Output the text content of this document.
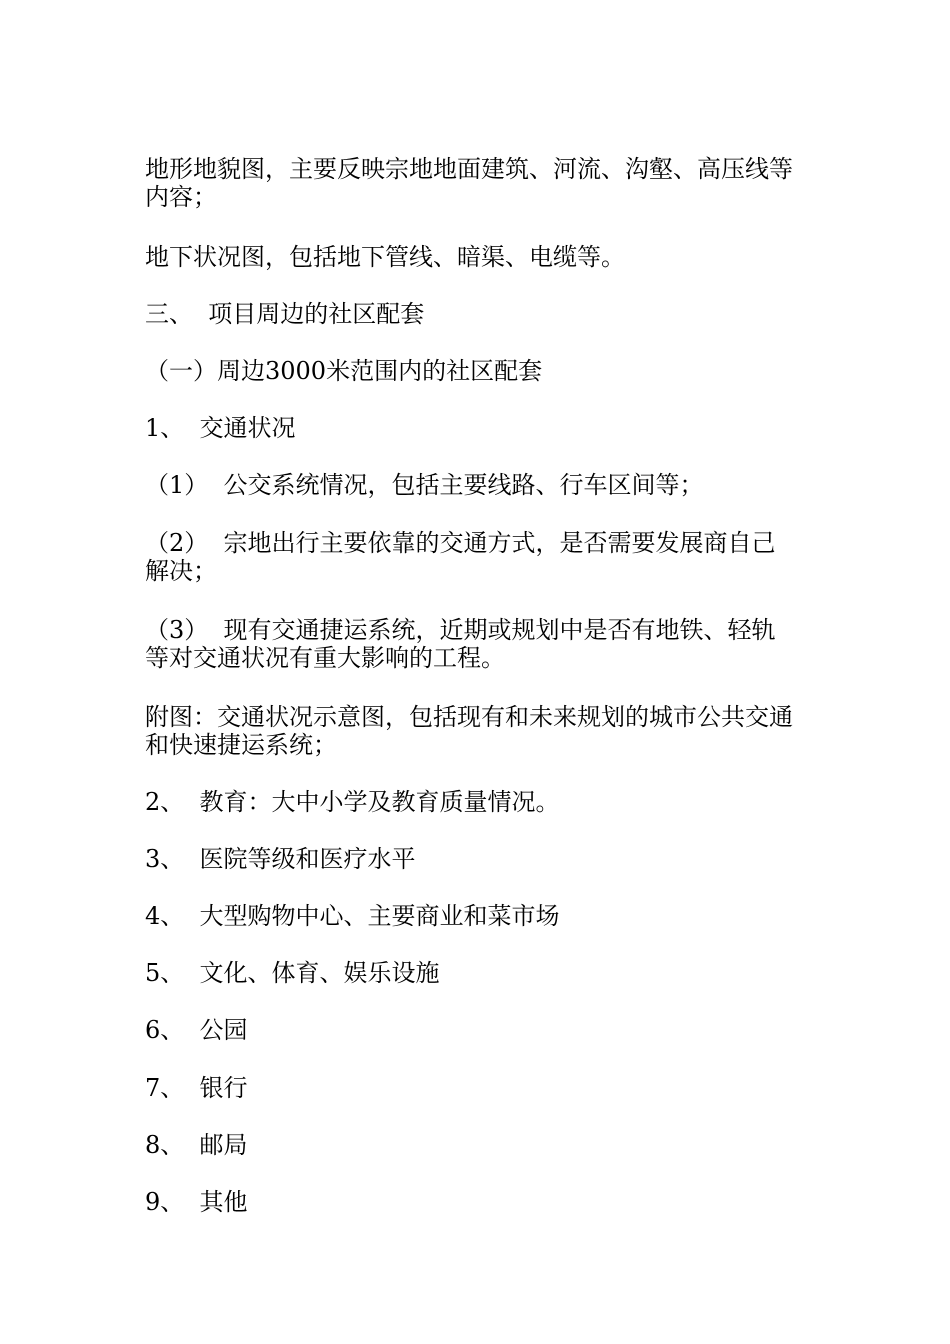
地形地貌图，主要反映宗地地面建筑、河流、沟壑、高压线等内容；
地下状况图，包括地下管线、暗渠、电缆等。
三、  项目周边的社区配套
（一）周边3000米范围内的社区配套
1、  交通状况
（1）  公交系统情况，包括主要线路、行车区间等；
（2）  宗地出行主要依靠的交通方式，是否需要发展商自己解决；
（3）  现有交通捷运系统，近期或规划中是否有地铁、轻轨等对交通状况有重大影响的工程。
附图：交通状况示意图，包括现有和未来规划的城市公共交通和快速捷运系统；
2、  教育：大中小学及教育质量情况。
3、  医院等级和医疗水平
4、  大型购物中心、主要商业和菜市场
5、  文化、体育、娱乐设施
6、  公园
7、  银行
8、  邮局
9、  其他
